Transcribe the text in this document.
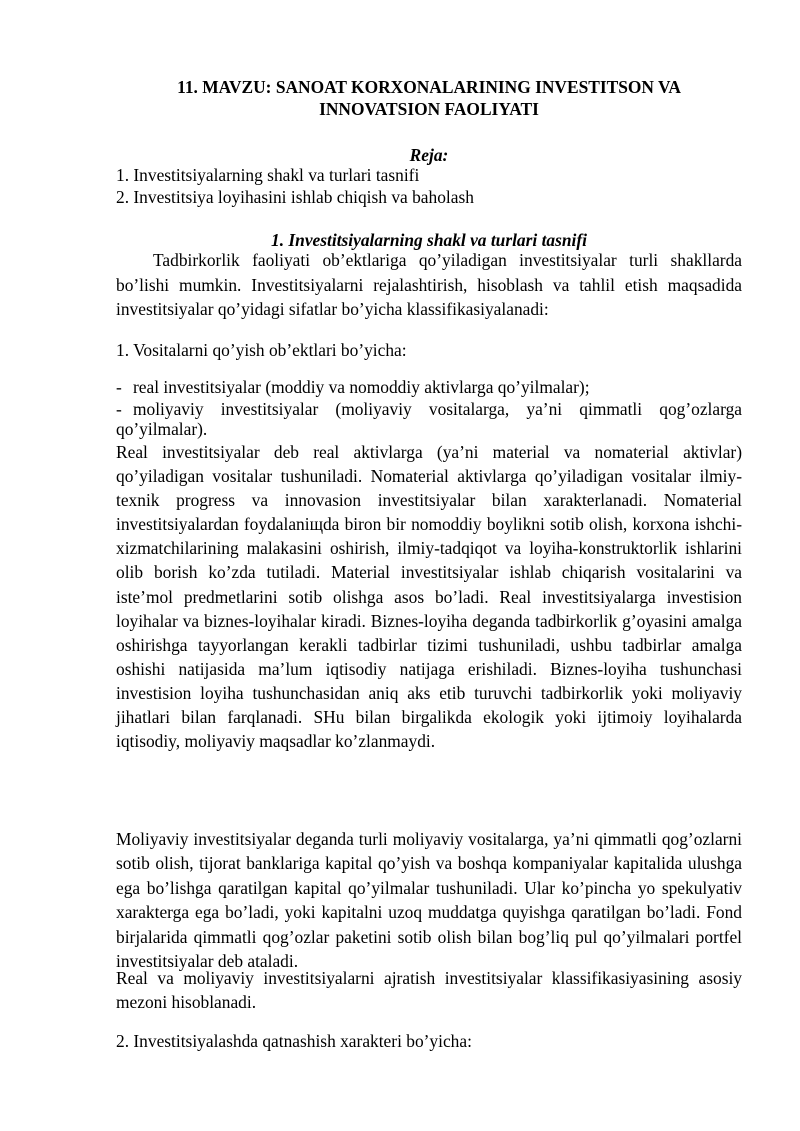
11. MAVZU: SANOAT KORXONALARINING INVESTITSON VA INNOVATSION FAOLIYATI
Reja:
1. Investitsiyalarning shakl va turlari tasnifi
2. Investitsiya loyihasini ishlab chiqish va baholash
1. Investitsiyalarning shakl va turlari tasnifi
Tadbirkorlik faoliyati ob’ektlariga qo’yiladigan investitsiyalar turli shakllarda bo’lishi mumkin. Investitsiyalarni rejalashtirish, hisoblash va tahlil etish maqsadida investitsiyalar qo’yidagi sifatlar bo’yicha klassifikasiyalanadi:
1. Vositalarni qo’yish ob’ektlari bo’yicha:
- real investitsiyalar (moddiy va nomoddiy aktivlarga qo’yilmalar);
- moliyaviy investitsiyalar (moliyaviy vositalarga, ya’ni qimmatli qog’ozlarga qo’yilmalar).
Real investitsiyalar deb real aktivlarga (ya’ni material va nomaterial aktivlar) qo’yiladigan vositalar tushuniladi. Nomaterial aktivlarga qo’yiladigan vositalar ilmiy-texnik progress va innovasion investitsiyalar bilan xarakterlanadi. Nomaterial investitsiyalardan foydalaniщda biron bir nomoddiy boylikni sotib olish, korxona ishchi-xizmatchilarining malakasini oshirish, ilmiy-tadqiqot va loyiha-konstruktorlik ishlarini olib borish ko’zda tutiladi. Material investitsiyalar ishlab chiqarish vositalarini va iste’mol predmetlarini sotib olishga asos bo’ladi. Real investitsiyalarga investision loyihalar va biznes-loyihalar kiradi. Biznes-loyiha deganda tadbirkorlik g’oyasini amalga oshirishga tayyorlangan kerakli tadbirlar tizimi tushuniladi, ushbu tadbirlar amalga oshishi natijasida ma’lum iqtisodiy natijaga erishiladi. Biznes-loyiha tushunchasi investision loyiha tushunchasidan aniq aks etib turuvchi tadbirkorlik yoki moliyaviy jihatlari bilan farqlanadi. SHu bilan birgalikda ekologik yoki ijtimoiy loyihalarda iqtisodiy, moliyaviy maqsadlar ko’zlanmaydi.
Moliyaviy investitsiyalar deganda turli moliyaviy vositalarga, ya’ni qimmatli qog’ozlarni sotib olish, tijorat banklariga kapital qo’yish va boshqa kompaniyalar kapitalida ulushga ega bo’lishga qaratilgan kapital qo’yilmalar tushuniladi. Ular ko’pincha yo spekulyativ xarakterga ega bo’ladi, yoki kapitalni uzoq muddatga quyishga qaratilgan bo’ladi. Fond birjalarida qimmatli qog’ozlar paketini sotib olish bilan bog’liq pul qo’yilmalari portfel investitsiyalar deb ataladi.
Real va moliyaviy investitsiyalarni ajratish investitsiyalar klassifikasiyasining asosiy mezoni hisoblanadi.
2. Investitsiyalashda qatnashish xarakteri bo’yicha:
